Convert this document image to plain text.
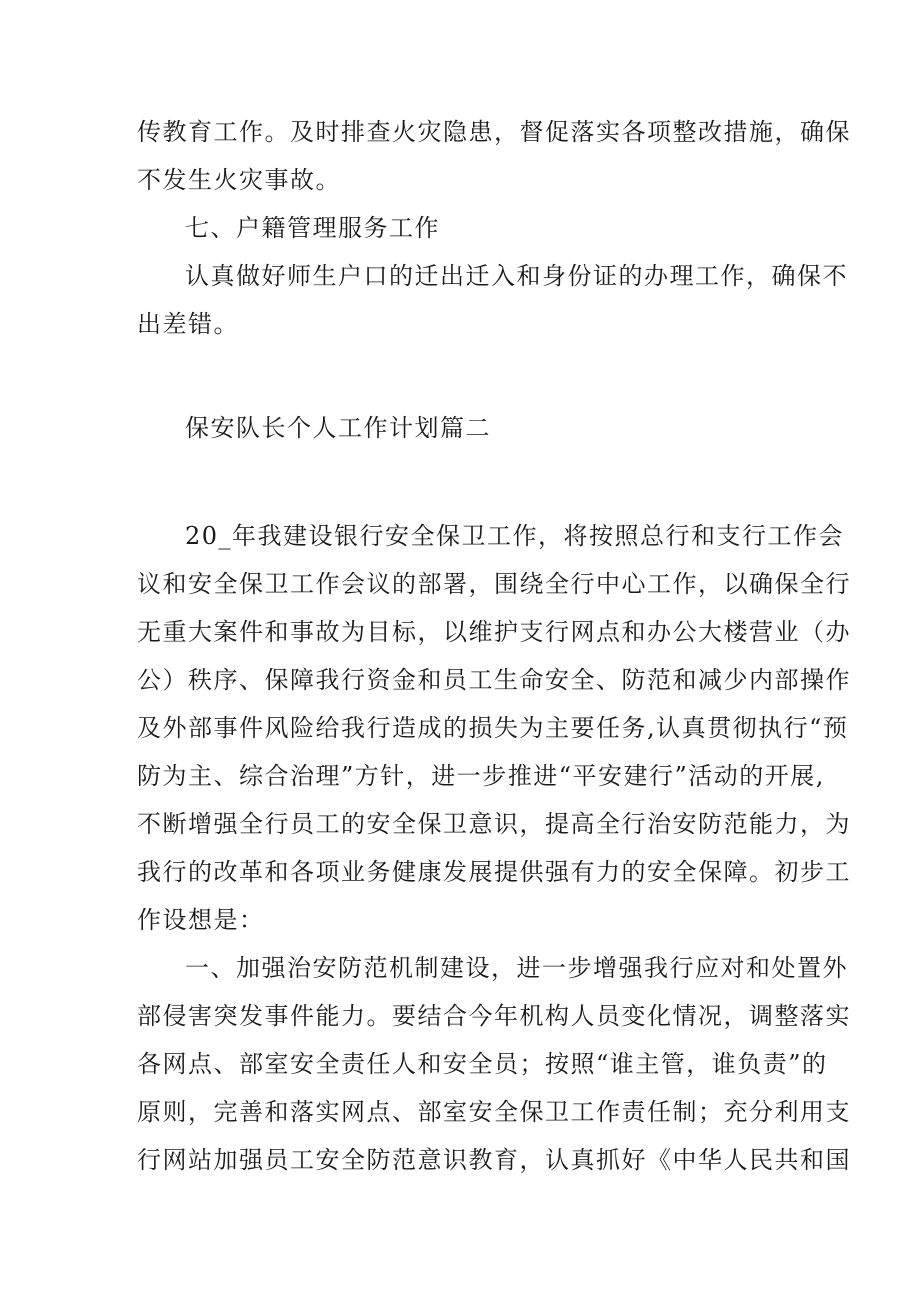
传教育工作。及时排查火灾隐患，督促落实各项整改措施，确保
不发生火灾事故。
七、户籍管理服务工作
认真做好师生户口的迁出迁入和身份证的办理工作，确保不
出差错。
保安队长个人工作计划篇二
20_年我建设银行安全保卫工作，将按照总行和支行工作会
议和安全保卫工作会议的部署，围绕全行中心工作，以确保全行
无重大案件和事故为目标，以维护支行网点和办公大楼营业（办
公）秩序、保障我行资金和员工生命安全、防范和减少内部操作
及外部事件风险给我行造成的损失为主要任务,认真贯彻执行“预
防为主、综合治理”方针，进一步推进“平安建行”活动的开展,
不断增强全行员工的安全保卫意识，提高全行治安防范能力，为
我行的改革和各项业务健康发展提供强有力的安全保障。初步工
作设想是：
一、加强治安防范机制建设，进一步增强我行应对和处置外
部侵害突发事件能力。要结合今年机构人员变化情况，调整落实
各网点、部室安全责任人和安全员；按照“谁主管，谁负责”的
原则，完善和落实网点、部室安全保卫工作责任制；充分利用支
行网站加强员工安全防范意识教育，认真抓好《中华人民共和国
